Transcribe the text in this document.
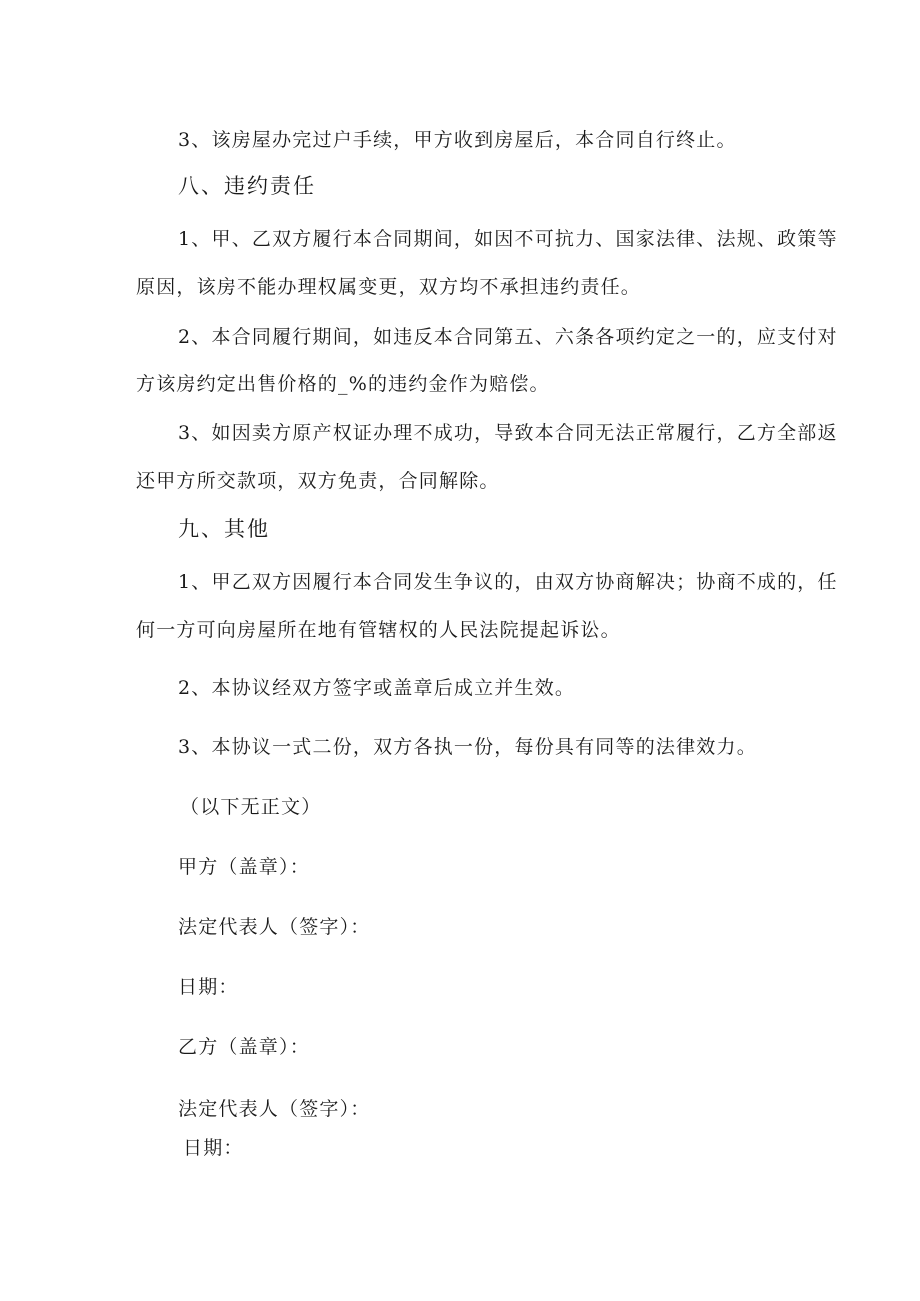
3、该房屋办完过户手续，甲方收到房屋后，本合同自行终止。
八、违约责任
1、甲、乙双方履行本合同期间，如因不可抗力、国家法律、法规、政策等
原因，该房不能办理权属变更，双方均不承担违约责任。
2、本合同履行期间，如违反本合同第五、六条各项约定之一的，应支付对
方该房约定出售价格的_%的违约金作为赔偿。
3、如因卖方原产权证办理不成功，导致本合同无法正常履行，乙方全部返
还甲方所交款项，双方免责，合同解除。
九、其他
1、甲乙双方因履行本合同发生争议的，由双方协商解决；协商不成的，任
何一方可向房屋所在地有管辖权的人民法院提起诉讼。
2、本协议经双方签字或盖章后成立并生效。
3、本协议一式二份，双方各执一份，每份具有同等的法律效力。
（以下无正文）
甲方（盖章）：
法定代表人（签字）：
日期：
乙方（盖章）：
法定代表人（签字）：
日期：
